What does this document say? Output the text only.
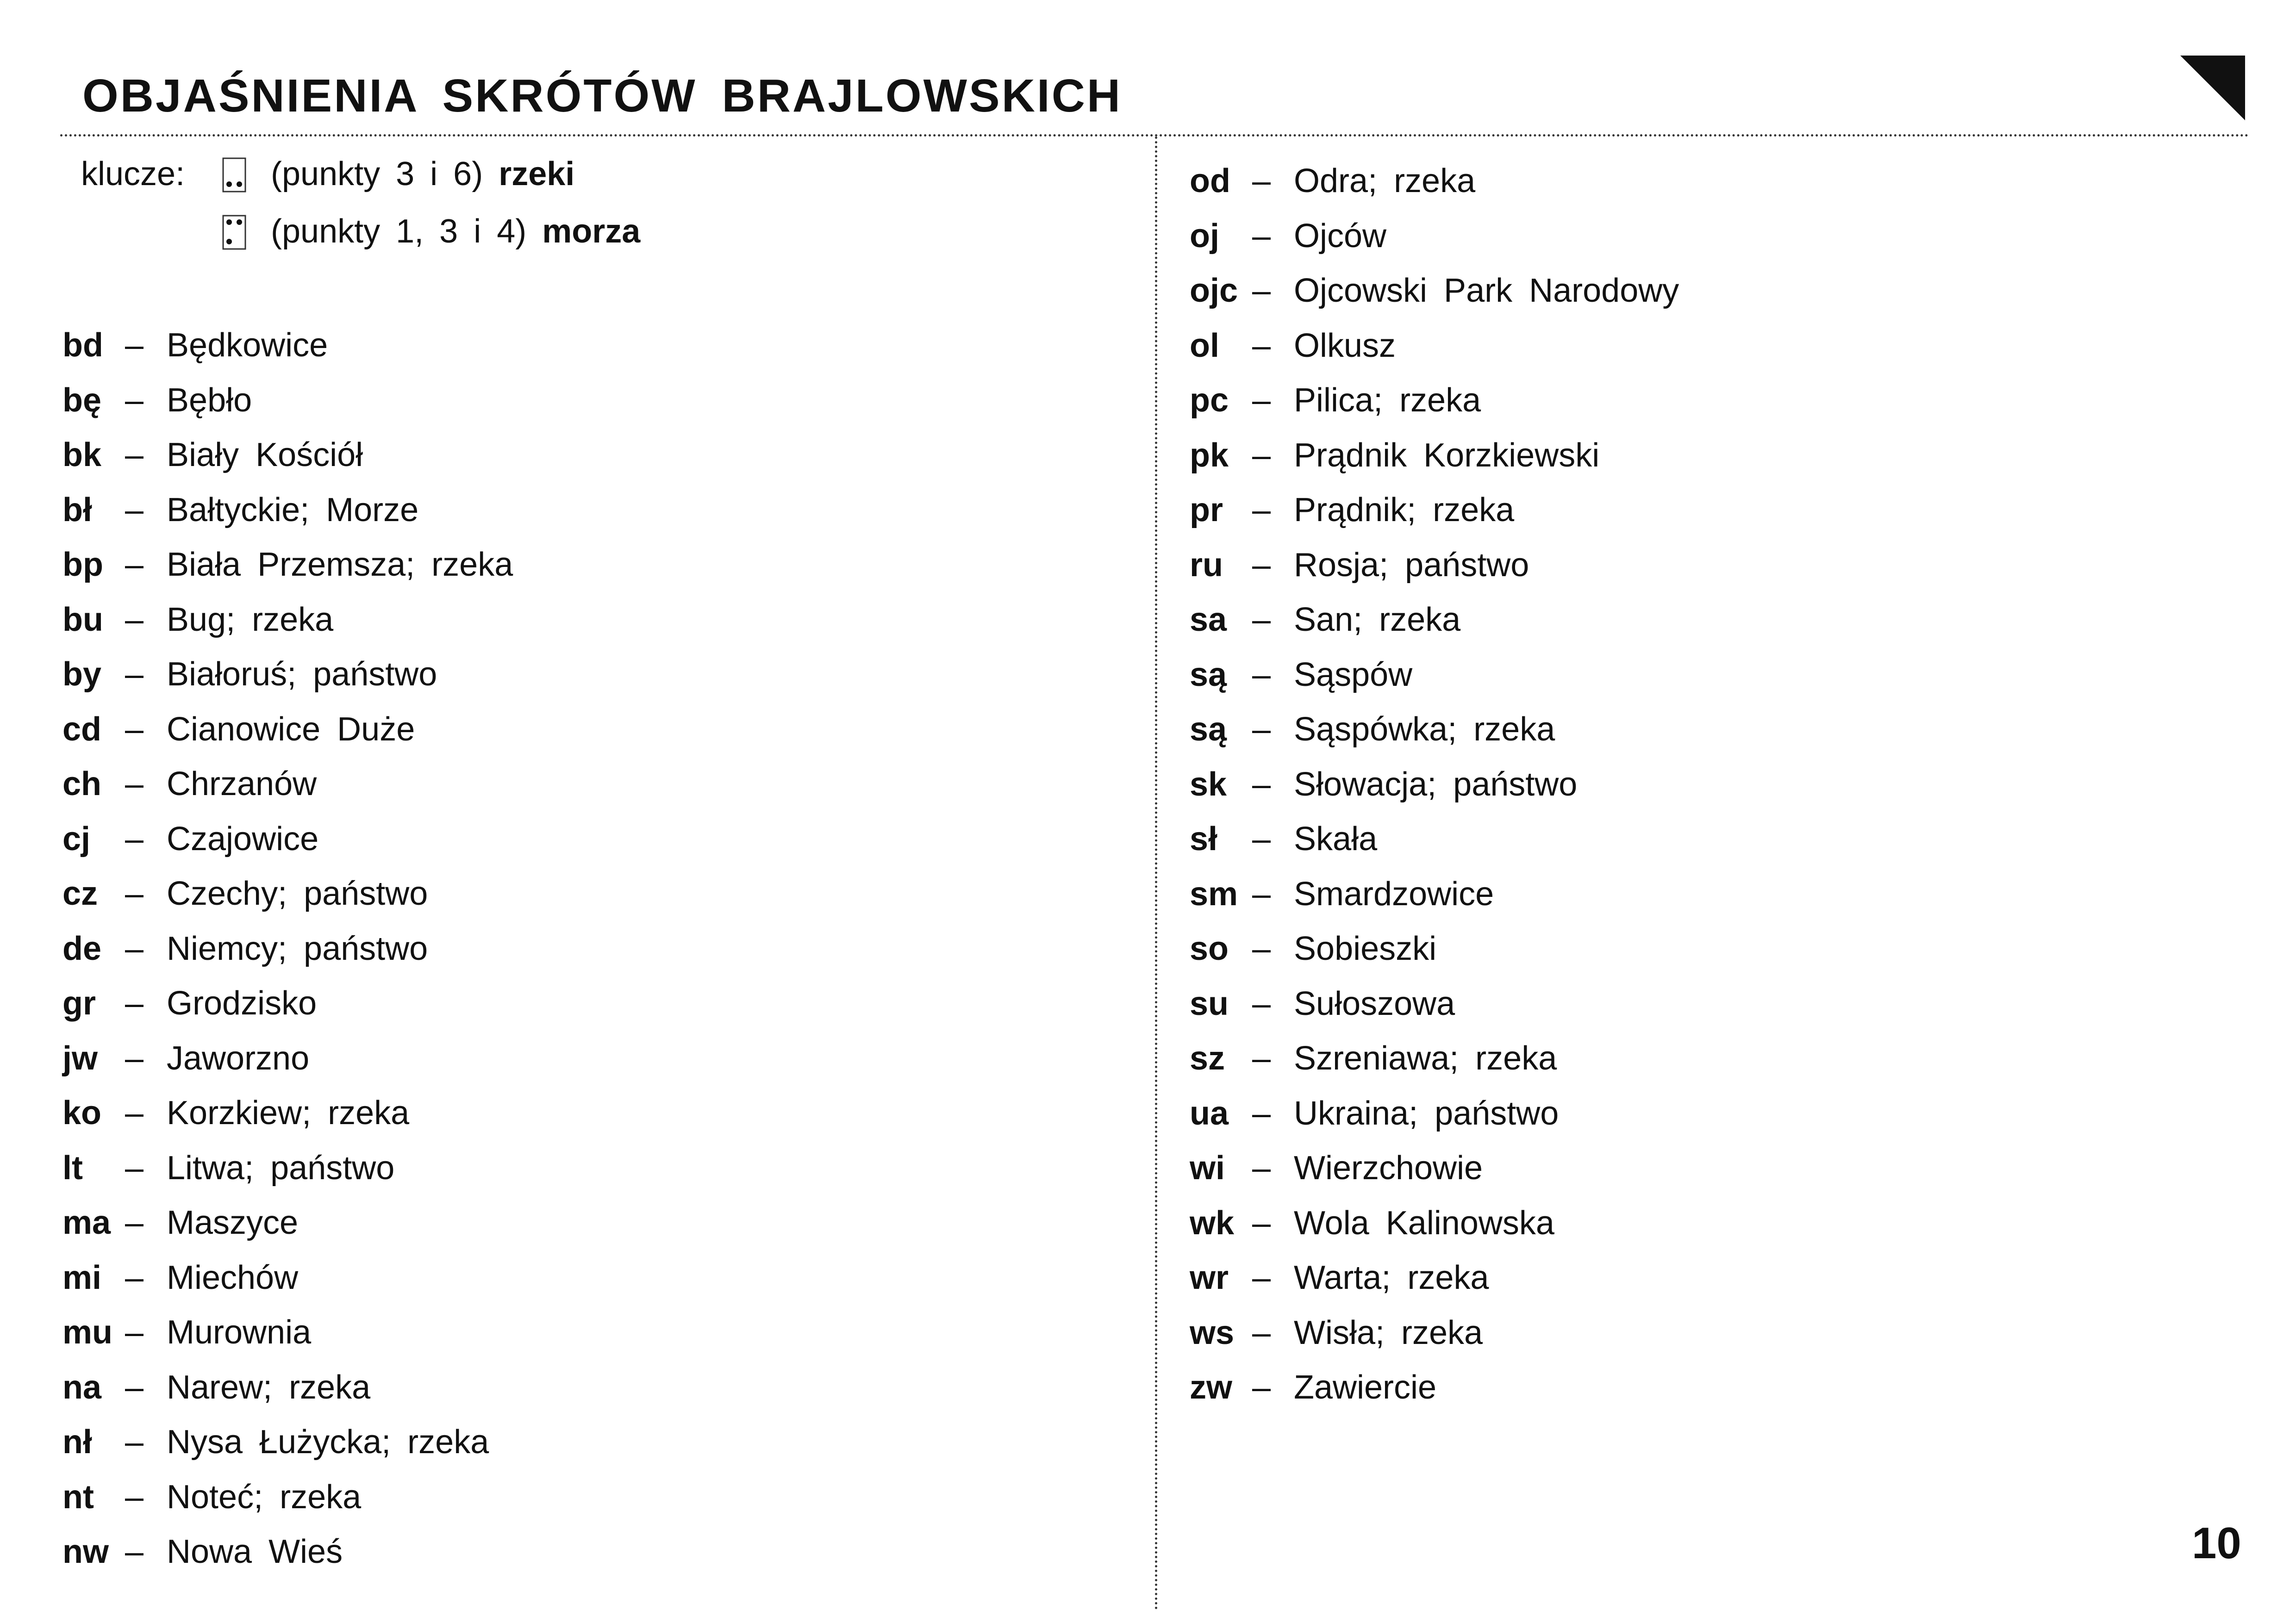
OBJAŚNIENIA SKRÓTÓW BRAJLOWSKICH
klucze:	(punkty 3 i 6) rzeki
(punkty 1, 3 i 4) morza
bd – Będkowice
bę – Bębło
bk – Biały Kościół
bł – Bałtyckie; Morze
bp – Biała Przemsza; rzeka
bu – Bug; rzeka
by – Białoruś; państwo
cd – Cianowice Duże
ch – Chrzanów
cj – Czajowice
cz – Czechy; państwo
de – Niemcy; państwo
gr – Grodzisko
jw – Jaworzno
ko – Korzkiew; rzeka
lt – Litwa; państwo
ma – Maszyce
mi – Miechów
mu – Murownia
na – Narew; rzeka
nł – Nysa Łużycka; rzeka
nt – Noteć; rzeka
nw – Nowa Wieś
od – Odra; rzeka
oj – Ojców
ojc – Ojcowski Park Narodowy
ol – Olkusz
pc – Pilica; rzeka
pk – Prądnik Korzkiewski
pr – Prądnik; rzeka
ru – Rosja; państwo
sa – San; rzeka
są – Sąspów
są – Sąspówka; rzeka
sk – Słowacja; państwo
sł – Skała
sm – Smardzowice
so – Sobieszki
su – Sułoszowa
sz – Szreniawa; rzeka
ua – Ukraina; państwo
wi – Wierzchowie
wk – Wola Kalinowska
wr – Warta; rzeka
ws – Wisła; rzeka
zw – Zawiercie
10
